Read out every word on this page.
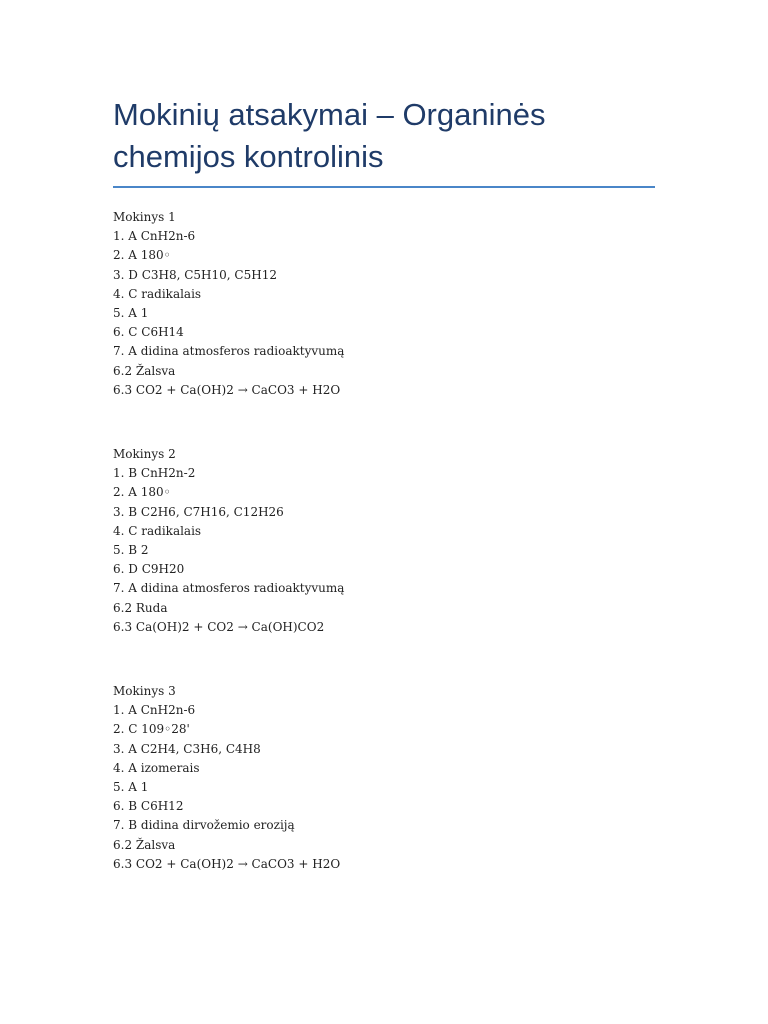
Mokinių atsakymai – Organinės
chemijos kontrolinis
Mokinys 1
1. A CnH2n-6
2. A 180◦
3. D C3H8, C5H10, C5H12
4. C radikalais
5. A 1
6. C C6H14
7. A didina atmosferos radioaktyvumą
6.2 Žalsva
6.3 CO2 + Ca(OH)2 → CaCO3 + H2O
Mokinys 2
1. B CnH2n-2
2. A 180◦
3. B C2H6, C7H16, C12H26
4. C radikalais
5. B 2
6. D C9H20
7. A didina atmosferos radioaktyvumą
6.2 Ruda
6.3 Ca(OH)2 + CO2 → Ca(OH)CO2
Mokinys 3
1. A CnH2n-6
2. C 109◦28'
3. A C2H4, C3H6, C4H8
4. A izomerais
5. A 1
6. B C6H12
7. B didina dirvožemio eroziją
6.2 Žalsva
6.3 CO2 + Ca(OH)2 → CaCO3 + H2O
